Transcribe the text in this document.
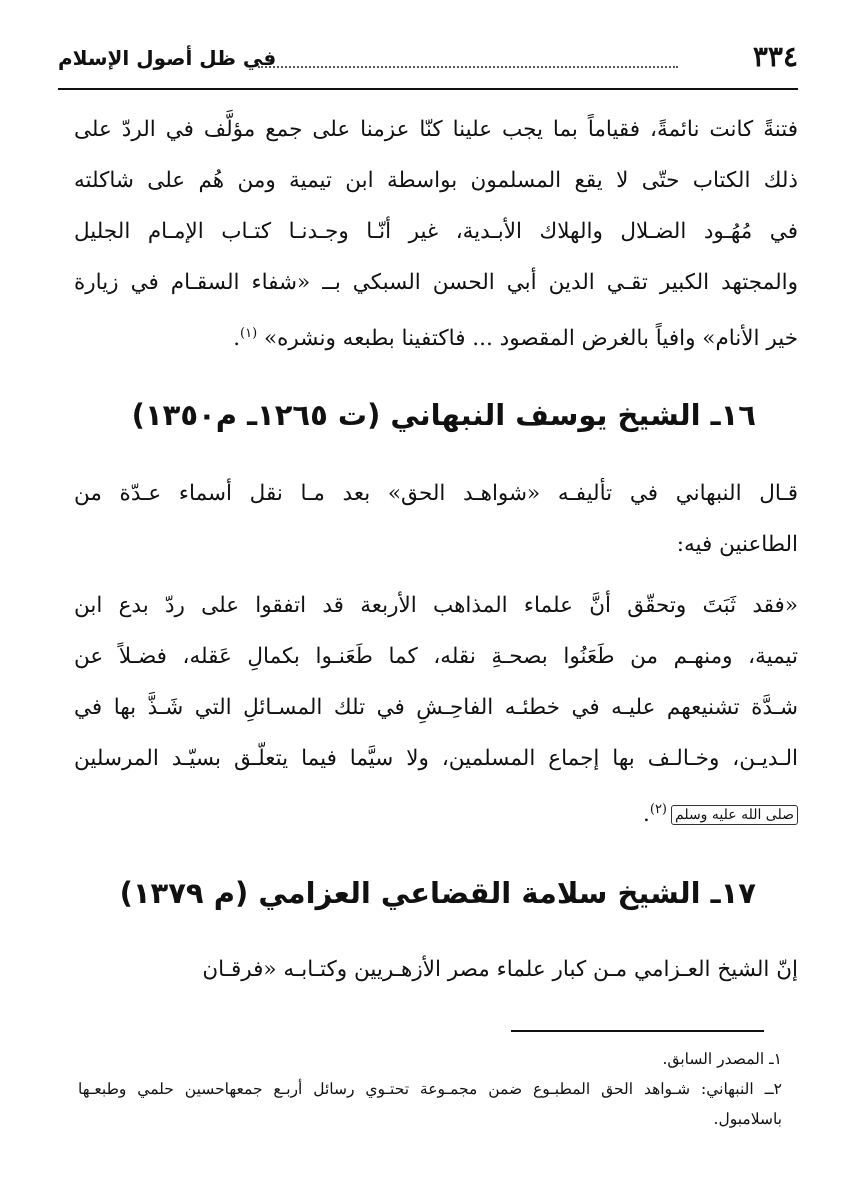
٣٣٤
في ظل أصول الإسلام
فتنةً كانت نائمةً، فقياماً بما يجب علينا كنّا عزمنا على جمع مؤلَّف في الردّ على
ذلك الكتاب حتّى لا يقع المسلمون بواسطة ابن تيمية ومن هُم على شاكلته
في مُهُـود الضـلال والهلاك الأبـدية، غير أنّـا وجـدنـا كتـاب الإمـام الجليل
والمجتهد الكبير تقـي الدين أبي الحسن السبكي بــ «شفاء السقـام في زيارة
خير الأنام» وافياً بالغرض المقصود ... فاكتفينا بطبعه ونشره» $^{(١)}$.
١٦ـ الشيخ يوسف النبهاني (ت ١٢٦٥ـ م١٣٥٠)
قـال النبهاني في تأليفـه «شواهـد الحق» بعد مـا نقل أسماء عـدّة من
الطاعنين فيه:
«فقد ثَبَتَ وتحقّق أنَّ علماء المذاهب الأربعة قد اتفقوا على ردّ بدع ابن
تيمية، ومنهـم من طَعَنُوا بصحـةِ نقله، كما طَعَنـوا بكمالِ عَقله، فضـلاً عن
شـدَّة تشنيعهم عليـه في خطئـه الفاحِـشِ في تلك المسـائلِ التي شَـذَّ بها في
الـديـن، وخـالـف بها إجماع المسلمين، ولا سيَّما فيما يتعلّـق بسيّـد المرسلين
صلى الله عليه وسلم$^{(٢)}$.
١٧ـ الشيخ سلامة القضاعي العزامي (م ١٣٧٩)
إنّ الشيخ العـزامي مـن كبار علماء مصر الأزهـريين وكتـابـه «فرقـان
١ـ المصدر السابق.
٢ــ النبهاني: شـواهد الحق المطبـوع ضمن مجمـوعة تحتـوي رسائل أربـع جمعهاحسين حلمي وطبعـها
باسلامبول.
